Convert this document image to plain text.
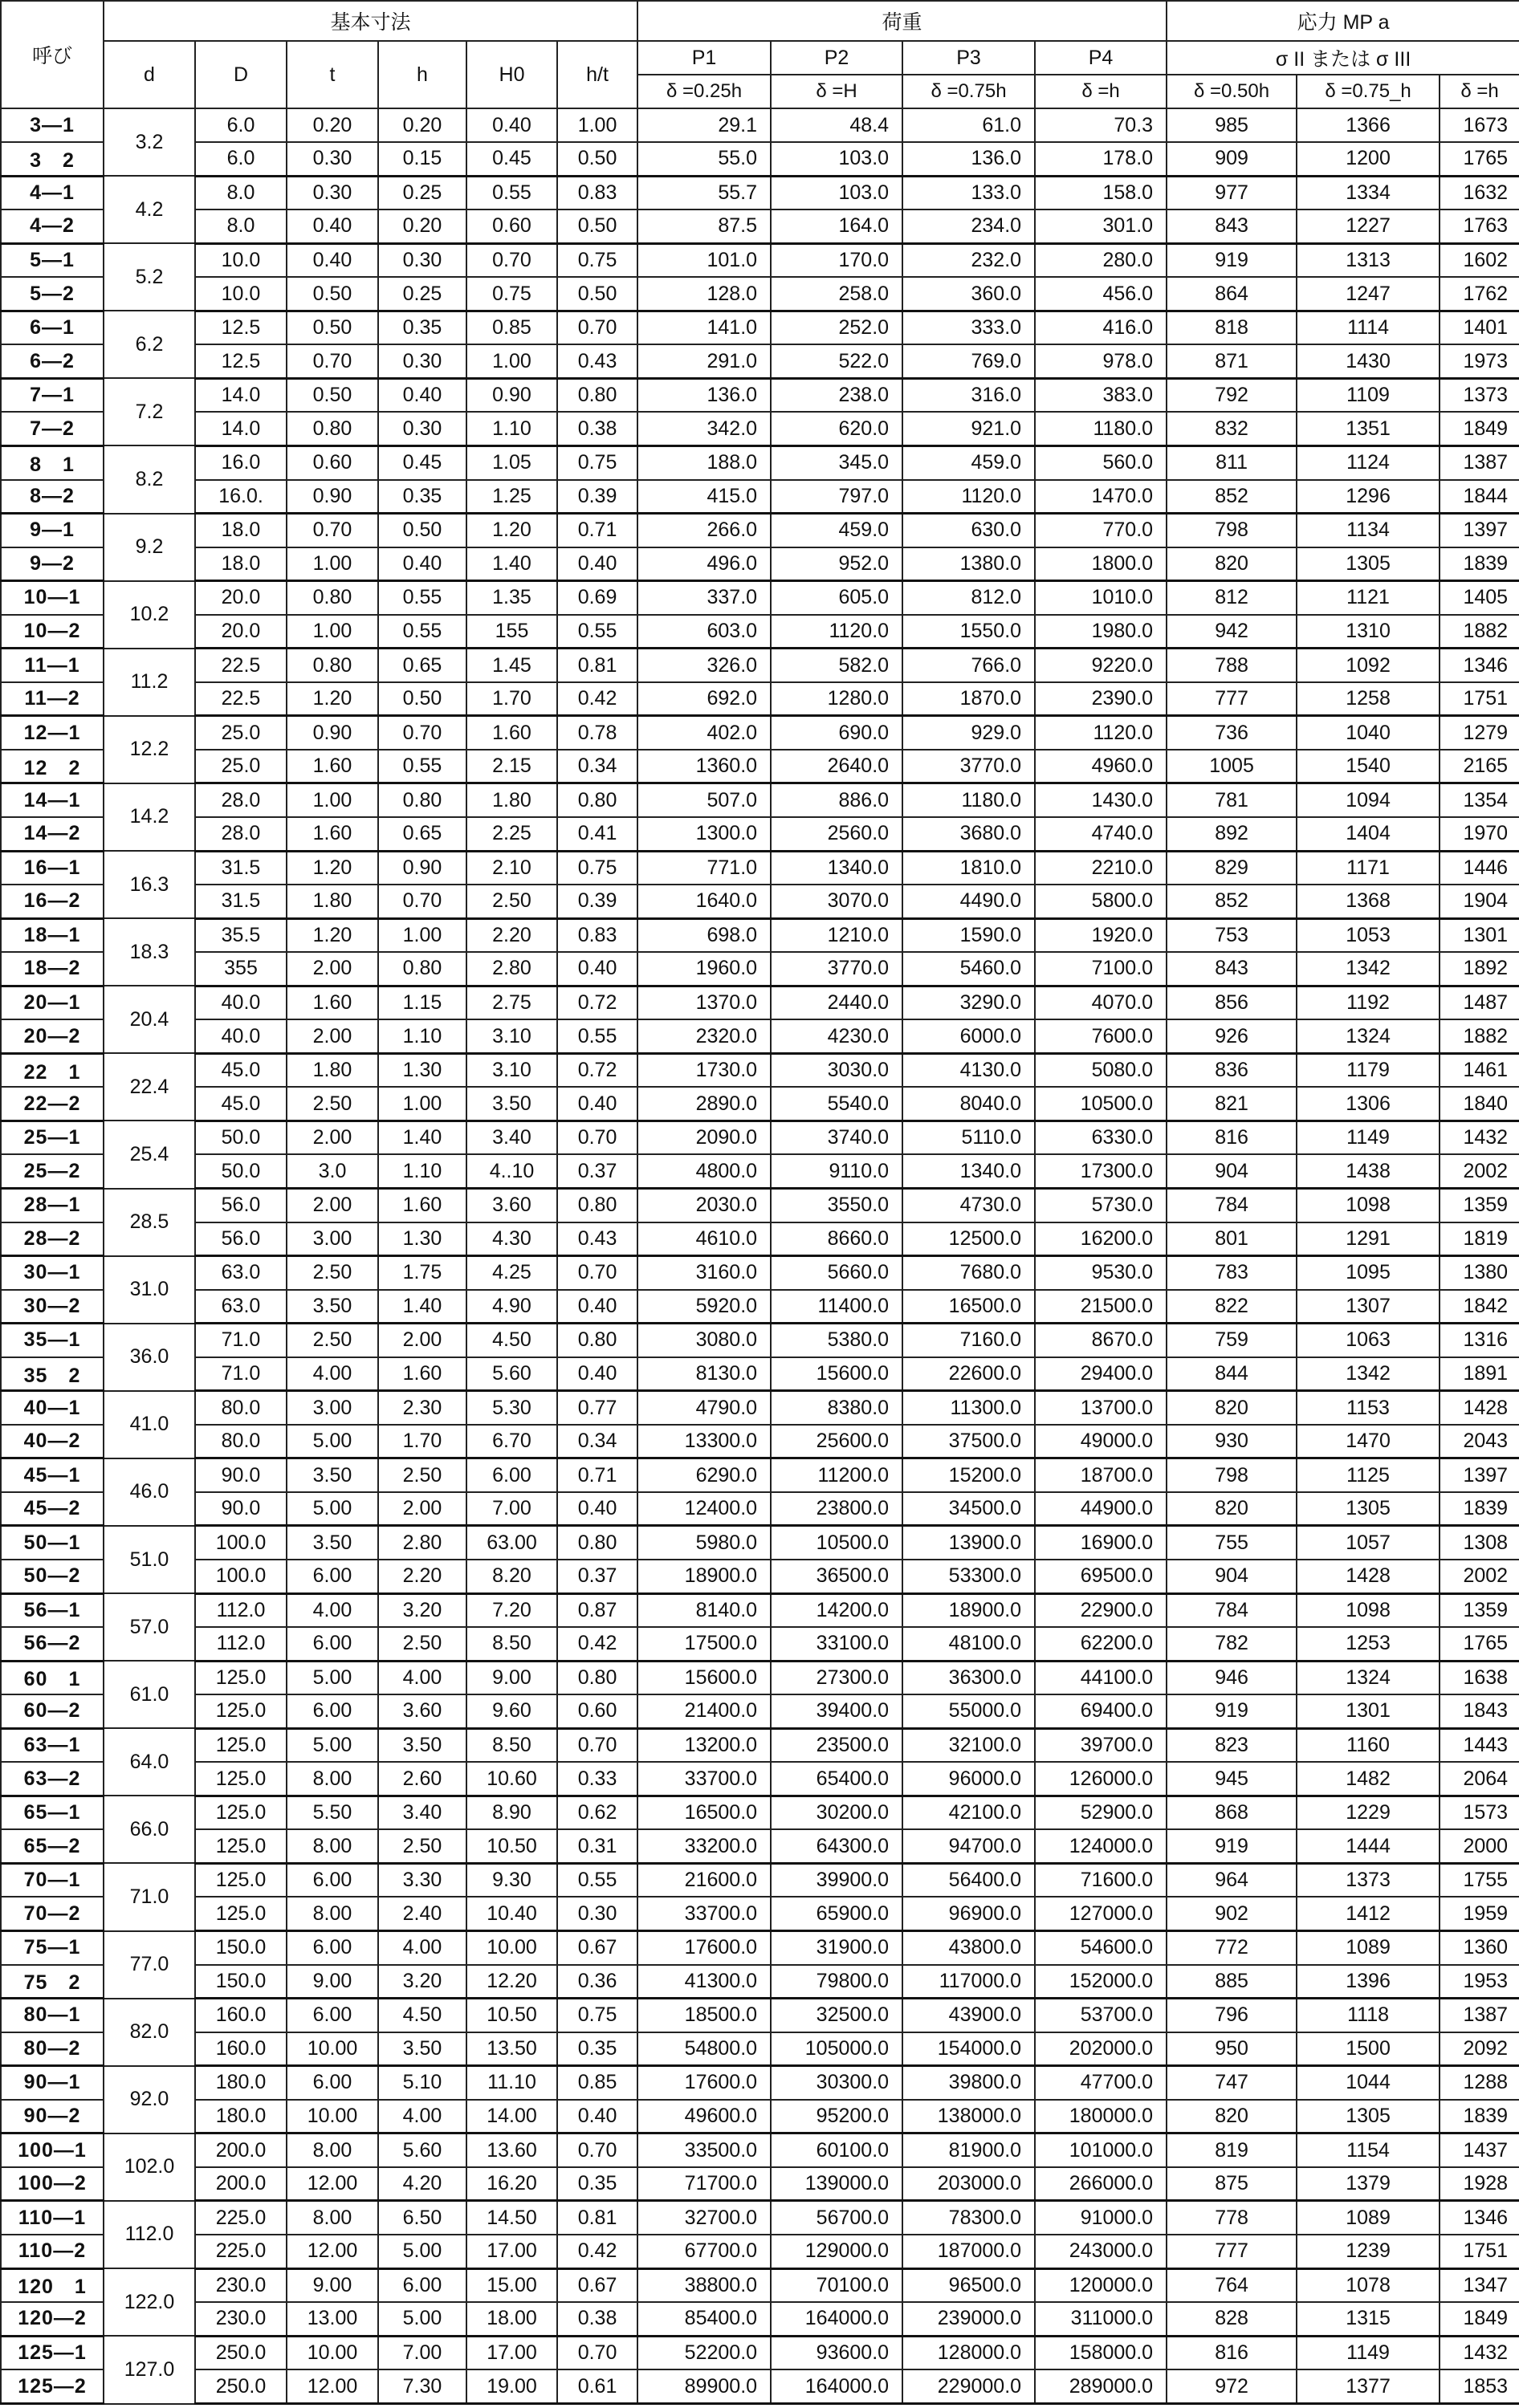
呼び	基本寸法						荷重				応力 MP a		
	d	D	t	h	H0	h/t	P1	P2	P3	P4	σ II または σ III		
							δ =0.25h	δ =H	δ =0.75h	δ =h	δ =0.50h	δ =0.75_h	δ =h
3—1	3.2	6.0	0.20	0.20	0.40	1.00	29.1	48.4	61.0	70.3	985	1366	1673
3　2		6.0	0.30	0.15	0.45	0.50	55.0	103.0	136.0	178.0	909	1200	1765
4—1	4.2	8.0	0.30	0.25	0.55	0.83	55.7	103.0	133.0	158.0	977	1334	1632
4—2		8.0	0.40	0.20	0.60	0.50	87.5	164.0	234.0	301.0	843	1227	1763
5—1	5.2	10.0	0.40	0.30	0.70	0.75	101.0	170.0	232.0	280.0	919	1313	1602
5—2		10.0	0.50	0.25	0.75	0.50	128.0	258.0	360.0	456.0	864	1247	1762
6—1	6.2	12.5	0.50	0.35	0.85	0.70	141.0	252.0	333.0	416.0	818	1114	1401
6—2		12.5	0.70	0.30	1.00	0.43	291.0	522.0	769.0	978.0	871	1430	1973
7—1	7.2	14.0	0.50	0.40	0.90	0.80	136.0	238.0	316.0	383.0	792	1109	1373
7—2		14.0	0.80	0.30	1.10	0.38	342.0	620.0	921.0	1180.0	832	1351	1849
8　1	8.2	16.0	0.60	0.45	1.05	0.75	188.0	345.0	459.0	560.0	811	1124	1387
8—2		16.0.	0.90	0.35	1.25	0.39	415.0	797.0	1120.0	1470.0	852	1296	1844
9—1	9.2	18.0	0.70	0.50	1.20	0.71	266.0	459.0	630.0	770.0	798	1134	1397
9—2		18.0	1.00	0.40	1.40	0.40	496.0	952.0	1380.0	1800.0	820	1305	1839
10—1	10.2	20.0	0.80	0.55	1.35	0.69	337.0	605.0	812.0	1010.0	812	1121	1405
10—2		20.0	1.00	0.55	155	0.55	603.0	1120.0	1550.0	1980.0	942	1310	1882
11—1	11.2	22.5	0.80	0.65	1.45	0.81	326.0	582.0	766.0	9220.0	788	1092	1346
11—2		22.5	1.20	0.50	1.70	0.42	692.0	1280.0	1870.0	2390.0	777	1258	1751
12—1	12.2	25.0	0.90	0.70	1.60	0.78	402.0	690.0	929.0	1120.0	736	1040	1279
12　2		25.0	1.60	0.55	2.15	0.34	1360.0	2640.0	3770.0	4960.0	1005	1540	2165
14—1	14.2	28.0	1.00	0.80	1.80	0.80	507.0	886.0	1180.0	1430.0	781	1094	1354
14—2		28.0	1.60	0.65	2.25	0.41	1300.0	2560.0	3680.0	4740.0	892	1404	1970
16—1	16.3	31.5	1.20	0.90	2.10	0.75	771.0	1340.0	1810.0	2210.0	829	1171	1446
16—2		31.5	1.80	0.70	2.50	0.39	1640.0	3070.0	4490.0	5800.0	852	1368	1904
18—1	18.3	35.5	1.20	1.00	2.20	0.83	698.0	1210.0	1590.0	1920.0	753	1053	1301
18—2		355	2.00	0.80	2.80	0.40	1960.0	3770.0	5460.0	7100.0	843	1342	1892
20—1	20.4	40.0	1.60	1.15	2.75	0.72	1370.0	2440.0	3290.0	4070.0	856	1192	1487
20—2		40.0	2.00	1.10	3.10	0.55	2320.0	4230.0	6000.0	7600.0	926	1324	1882
22　1	22.4	45.0	1.80	1.30	3.10	0.72	1730.0	3030.0	4130.0	5080.0	836	1179	1461
22—2		45.0	2.50	1.00	3.50	0.40	2890.0	5540.0	8040.0	10500.0	821	1306	1840
25—1	25.4	50.0	2.00	1.40	3.40	0.70	2090.0	3740.0	5110.0	6330.0	816	1149	1432
25—2		50.0	3.0	1.10	4..10	0.37	4800.0	9110.0	1340.0	17300.0	904	1438	2002
28—1	28.5	56.0	2.00	1.60	3.60	0.80	2030.0	3550.0	4730.0	5730.0	784	1098	1359
28—2		56.0	3.00	1.30	4.30	0.43	4610.0	8660.0	12500.0	16200.0	801	1291	1819
30—1	31.0	63.0	2.50	1.75	4.25	0.70	3160.0	5660.0	7680.0	9530.0	783	1095	1380
30—2		63.0	3.50	1.40	4.90	0.40	5920.0	11400.0	16500.0	21500.0	822	1307	1842
35—1	36.0	71.0	2.50	2.00	4.50	0.80	3080.0	5380.0	7160.0	8670.0	759	1063	1316
35　2		71.0	4.00	1.60	5.60	0.40	8130.0	15600.0	22600.0	29400.0	844	1342	1891
40—1	41.0	80.0	3.00	2.30	5.30	0.77	4790.0	8380.0	11300.0	13700.0	820	1153	1428
40—2		80.0	5.00	1.70	6.70	0.34	13300.0	25600.0	37500.0	49000.0	930	1470	2043
45—1	46.0	90.0	3.50	2.50	6.00	0.71	6290.0	11200.0	15200.0	18700.0	798	1125	1397
45—2		90.0	5.00	2.00	7.00	0.40	12400.0	23800.0	34500.0	44900.0	820	1305	1839
50—1	51.0	100.0	3.50	2.80	63.00	0.80	5980.0	10500.0	13900.0	16900.0	755	1057	1308
50—2		100.0	6.00	2.20	8.20	0.37	18900.0	36500.0	53300.0	69500.0	904	1428	2002
56—1	57.0	112.0	4.00	3.20	7.20	0.87	8140.0	14200.0	18900.0	22900.0	784	1098	1359
56—2		112.0	6.00	2.50	8.50	0.42	17500.0	33100.0	48100.0	62200.0	782	1253	1765
60　1	61.0	125.0	5.00	4.00	9.00	0.80	15600.0	27300.0	36300.0	44100.0	946	1324	1638
60—2		125.0	6.00	3.60	9.60	0.60	21400.0	39400.0	55000.0	69400.0	919	1301	1843
63—1	64.0	125.0	5.00	3.50	8.50	0.70	13200.0	23500.0	32100.0	39700.0	823	1160	1443
63—2		125.0	8.00	2.60	10.60	0.33	33700.0	65400.0	96000.0	126000.0	945	1482	2064
65—1	66.0	125.0	5.50	3.40	8.90	0.62	16500.0	30200.0	42100.0	52900.0	868	1229	1573
65—2		125.0	8.00	2.50	10.50	0.31	33200.0	64300.0	94700.0	124000.0	919	1444	2000
70—1	71.0	125.0	6.00	3.30	9.30	0.55	21600.0	39900.0	56400.0	71600.0	964	1373	1755
70—2		125.0	8.00	2.40	10.40	0.30	33700.0	65900.0	96900.0	127000.0	902	1412	1959
75—1	77.0	150.0	6.00	4.00	10.00	0.67	17600.0	31900.0	43800.0	54600.0	772	1089	1360
75　2		150.0	9.00	3.20	12.20	0.36	41300.0	79800.0	117000.0	152000.0	885	1396	1953
80—1	82.0	160.0	6.00	4.50	10.50	0.75	18500.0	32500.0	43900.0	53700.0	796	1118	1387
80—2		160.0	10.00	3.50	13.50	0.35	54800.0	105000.0	154000.0	202000.0	950	1500	2092
90—1	92.0	180.0	6.00	5.10	11.10	0.85	17600.0	30300.0	39800.0	47700.0	747	1044	1288
90—2		180.0	10.00	4.00	14.00	0.40	49600.0	95200.0	138000.0	180000.0	820	1305	1839
100—1	102.0	200.0	8.00	5.60	13.60	0.70	33500.0	60100.0	81900.0	101000.0	819	1154	1437
100—2		200.0	12.00	4.20	16.20	0.35	71700.0	139000.0	203000.0	266000.0	875	1379	1928
110—1	112.0	225.0	8.00	6.50	14.50	0.81	32700.0	56700.0	78300.0	91000.0	778	1089	1346
110—2		225.0	12.00	5.00	17.00	0.42	67700.0	129000.0	187000.0	243000.0	777	1239	1751
120　1	122.0	230.0	9.00	6.00	15.00	0.67	38800.0	70100.0	96500.0	120000.0	764	1078	1347
120—2		230.0	13.00	5.00	18.00	0.38	85400.0	164000.0	239000.0	311000.0	828	1315	1849
125—1	127.0	250.0	10.00	7.00	17.00	0.70	52200.0	93600.0	128000.0	158000.0	816	1149	1432
125—2		250.0	12.00	7.30	19.00	0.61	89900.0	164000.0	229000.0	289000.0	972	1377	1853
